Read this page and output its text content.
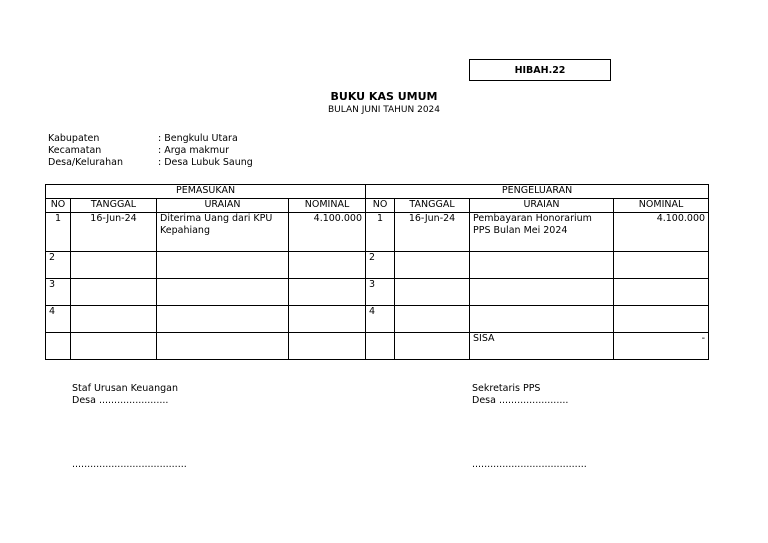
HIBAH.22
BUKU KAS UMUM
BULAN JUNI TAHUN 2024
Kabupaten	: Bengkulu Utara
Kecamatan	: Arga makmur
Desa/Kelurahan	: Desa Lubuk Saung
PEMASUKAN				PENGELUARAN			
NO	TANGGAL	URAIAN	NOMINAL	NO	TANGGAL	URAIAN	NOMINAL
1	16-Jun-24	Diterima Uang dari KPU Kepahiang	4.100.000	1	16-Jun-24	Pembayaran Honorarium PPS Bulan Mei 2024	4.100.000
2				2			
3				3			
4				4			
						SISA	-
Staf Urusan Keuangan
Desa .......................
......................................
Sekretaris PPS
Desa .......................
......................................
